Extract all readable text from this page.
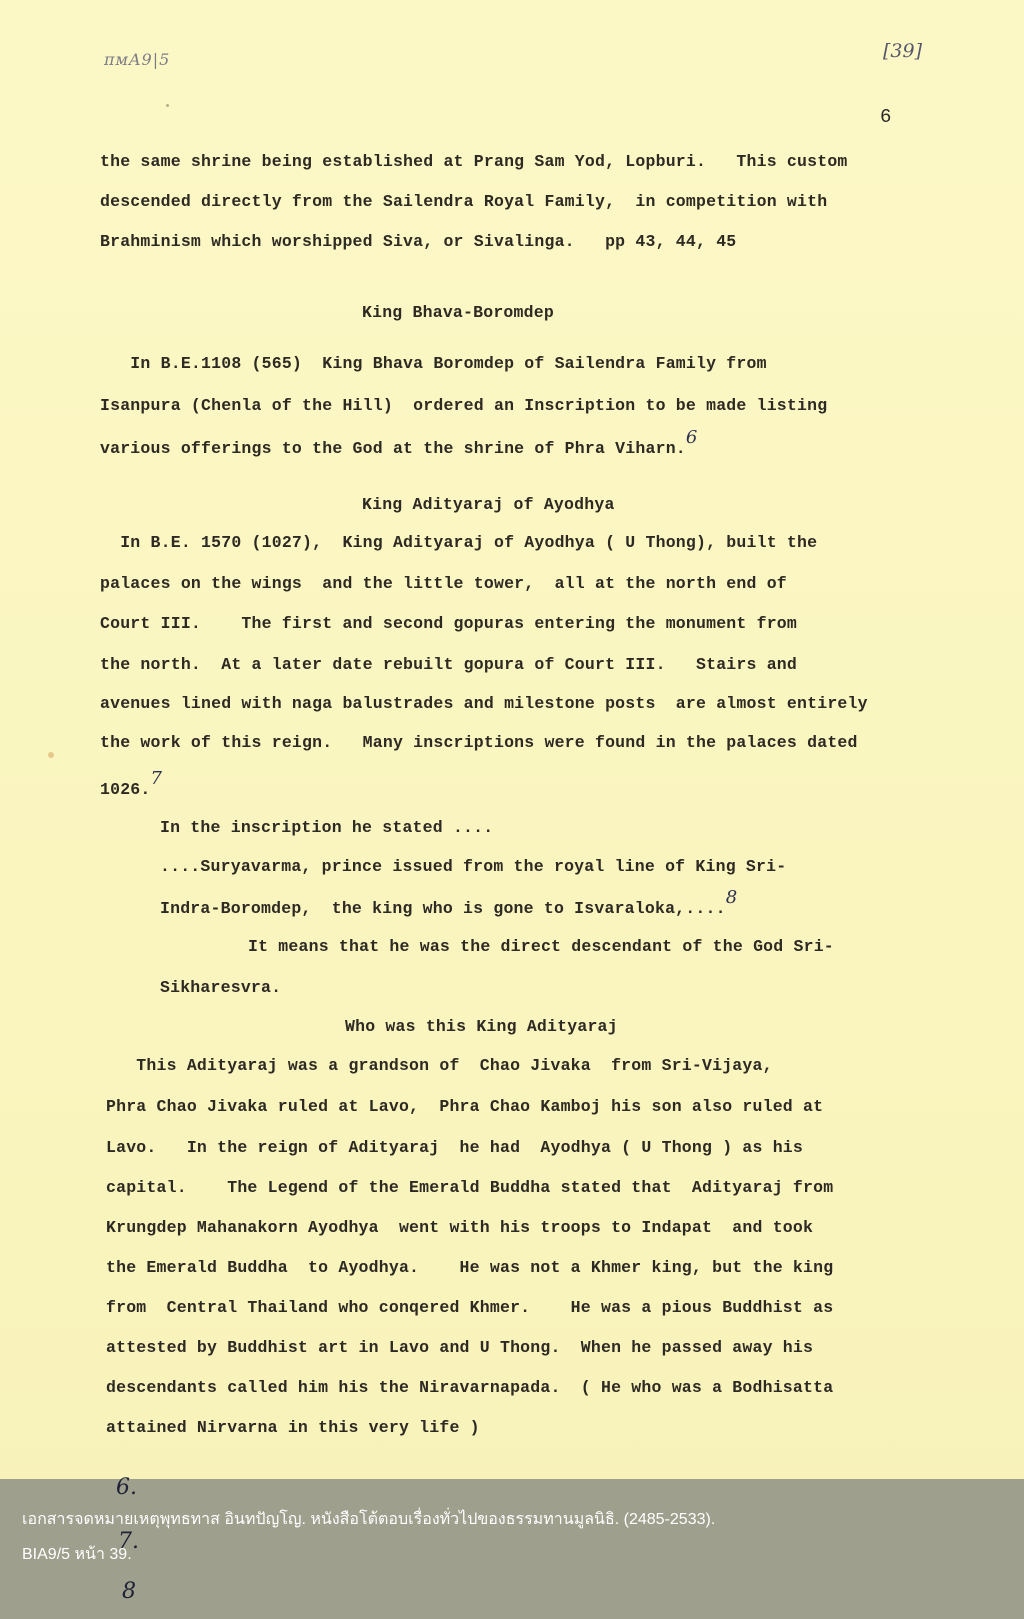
ᴨᴍA9|5	[39]
6
the same shrine being established at Prang Sam Yod, Lopburi.   This custom
descended directly from the Sailendra Royal Family,  in competition with
Brahminism which worshipped Siva, or Sivalinga.   pp 43, 44, 45
King Bhava-Boromdep
In B.E.1108 (565)  King Bhava Boromdep of Sailendra Family from
Isanpura (Chenla of the Hill)  ordered an Inscription to be made listing
various offerings to the God at the shrine of Phra Viharn.6
King Adityaraj of Ayodhya
In B.E. 1570 (1027),  King Adityaraj of Ayodhya ( U Thong), built the
palaces on the wings  and the little tower,  all at the north end of
Court III.    The first and second gopuras entering the monument from
the north.  At a later date rebuilt gopura of Court III.   Stairs and
avenues lined with naga balustrades and milestone posts  are almost entirely
the work of this reign.   Many inscriptions were found in the palaces dated
1026.7
In the inscription he stated ....
....Suryavarma, prince issued from the royal line of King Sri-
Indra-Boromdep,  the king who is gone to Isvaraloka,....8
It means that he was the direct descendant of the God Sri-
Sikharesvra.
Who was this King Adityaraj
This Adityaraj was a grandson of  Chao Jivaka  from Sri-Vijaya,
Phra Chao Jivaka ruled at Lavo,  Phra Chao Kamboj his son also ruled at
Lavo.   In the reign of Adityaraj  he had  Ayodhya ( U Thong ) as his
capital.    The Legend of the Emerald Buddha stated that  Adityaraj from
Krungdep Mahanakorn Ayodhya  went with his troops to Indapat  and took
the Emerald Buddha  to Ayodhya.    He was not a Khmer king, but the king
from  Central Thailand who conqered Khmer.    He was a pious Buddhist as
attested by Buddhist art in Lavo and U Thong.  When he passed away his
descendants called him his the Niravarnapada.  ( He who was a Bodhisatta
attained Nirvarna in this very life )
6.
เอกสารจดหมายเหตุพุทธทาส อินทปัญโญ. หนังสือโต้ตอบเรื่องทั่วไปของธรรมทานมูลนิธิ. (2485-2533).
BIA9/5 หน้า 39.
7.
8
